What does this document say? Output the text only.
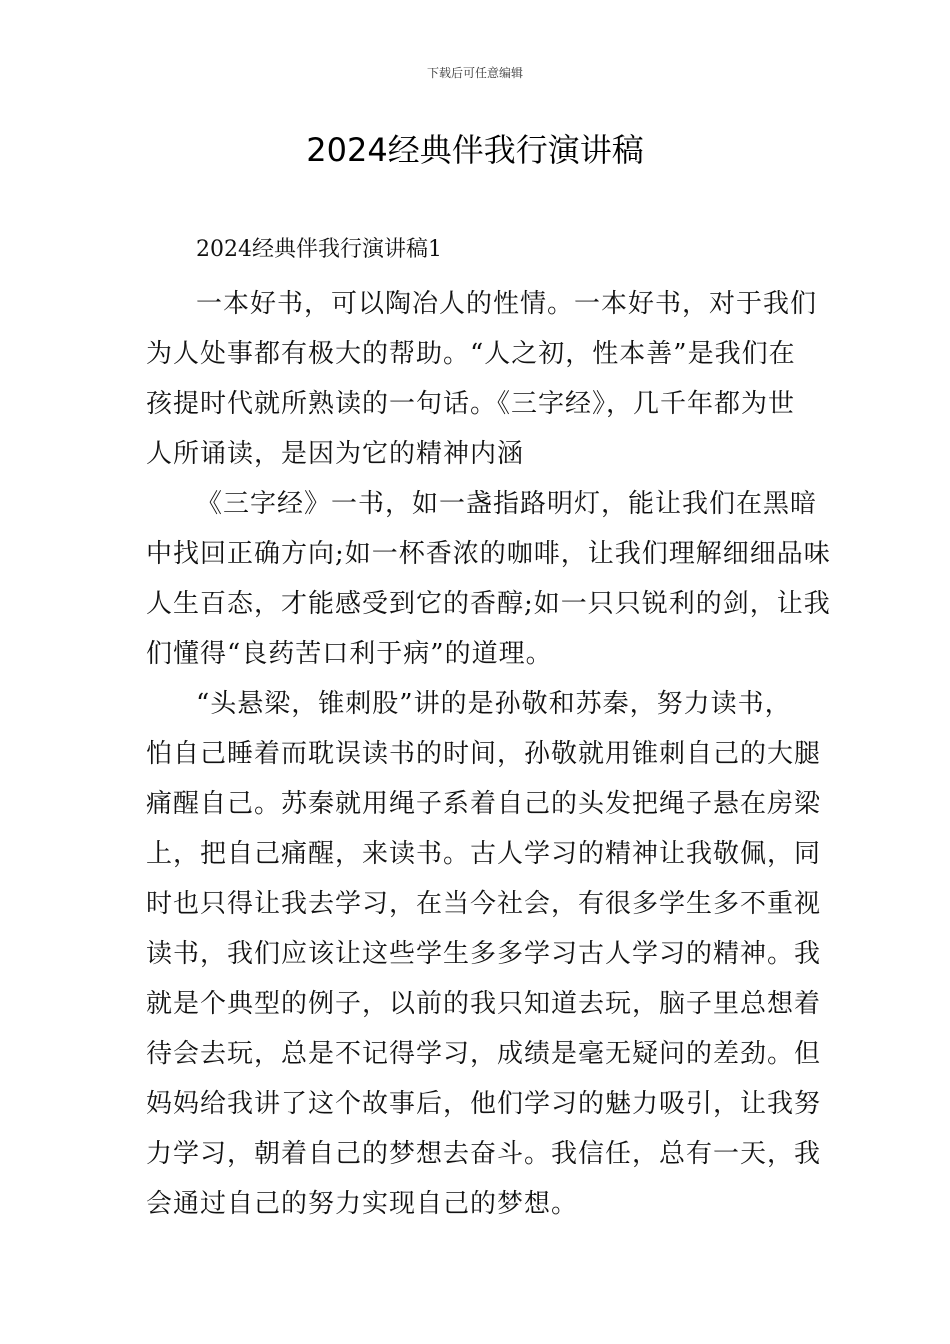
下载后可任意编辑
2024经典伴我行演讲稿

2024经典伴我行演讲稿1

一本好书，可以陶冶人的性情。一本好书，对于我们
为人处事都有极大的帮助。“人之初，性本善”是我们在
孩提时代就所熟读的一句话。《三字经》，几千年都为世
人所诵读，是因为它的精神内涵

《三字经》一书，如一盏指路明灯，能让我们在黑暗
中找回正确方向;如一杯香浓的咖啡，让我们理解细细品味
人生百态，才能感受到它的香醇;如一只只锐利的剑，让我
们懂得“良药苦口利于病”的道理。

“头悬梁，锥刺股”讲的是孙敬和苏秦，努力读书，
怕自己睡着而耽误读书的时间，孙敬就用锥刺自己的大腿
痛醒自己。苏秦就用绳子系着自己的头发把绳子悬在房梁
上，把自己痛醒，来读书。古人学习的精神让我敬佩，同
时也只得让我去学习，在当今社会，有很多学生多不重视
读书，我们应该让这些学生多多学习古人学习的精神。我
就是个典型的例子，以前的我只知道去玩，脑子里总想着
待会去玩，总是不记得学习，成绩是毫无疑问的差劲。但
妈妈给我讲了这个故事后，他们学习的魅力吸引，让我努
力学习，朝着自己的梦想去奋斗。我信任，总有一天，我
会通过自己的努力实现自己的梦想。
